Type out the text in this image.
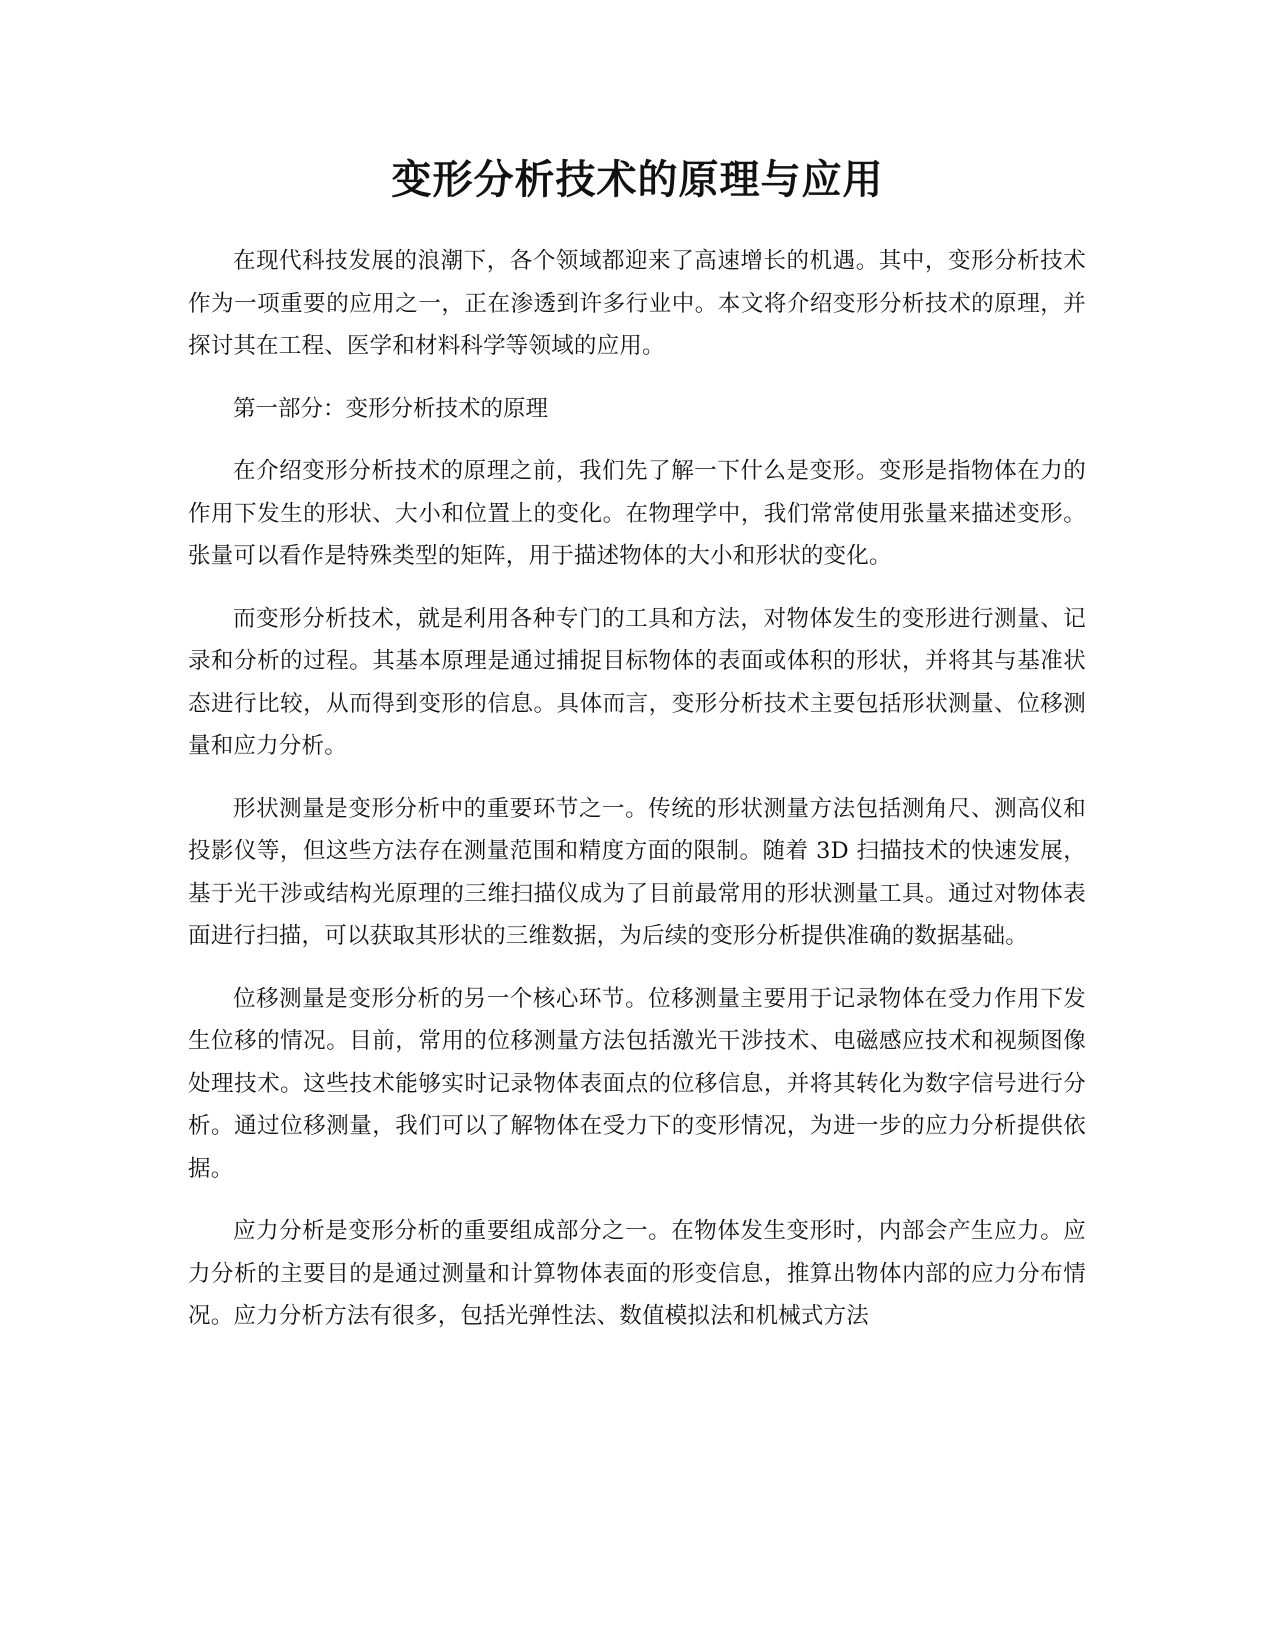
变形分析技术的原理与应用

在现代科技发展的浪潮下，各个领域都迎来了高速增长的机遇。其中，变形分析技术作为一项重要的应用之一，正在渗透到许多行业中。本文将介绍变形分析技术的原理，并探讨其在工程、医学和材料科学等领域的应用。

第一部分：变形分析技术的原理

在介绍变形分析技术的原理之前，我们先了解一下什么是变形。变形是指物体在力的作用下发生的形状、大小和位置上的变化。在物理学中，我们常常使用张量来描述变形。张量可以看作是特殊类型的矩阵，用于描述物体的大小和形状的变化。

而变形分析技术，就是利用各种专门的工具和方法，对物体发生的变形进行测量、记录和分析的过程。其基本原理是通过捕捉目标物体的表面或体积的形状，并将其与基准状态进行比较，从而得到变形的信息。具体而言，变形分析技术主要包括形状测量、位移测量和应力分析。

形状测量是变形分析中的重要环节之一。传统的形状测量方法包括测角尺、测高仪和投影仪等，但这些方法存在测量范围和精度方面的限制。随着 3D 扫描技术的快速发展，基于光干涉或结构光原理的三维扫描仪成为了目前最常用的形状测量工具。通过对物体表面进行扫描，可以获取其形状的三维数据，为后续的变形分析提供准确的数据基础。

位移测量是变形分析的另一个核心环节。位移测量主要用于记录物体在受力作用下发生位移的情况。目前，常用的位移测量方法包括激光干涉技术、电磁感应技术和视频图像处理技术。这些技术能够实时记录物体表面点的位移信息，并将其转化为数字信号进行分析。通过位移测量，我们可以了解物体在受力下的变形情况，为进一步的应力分析提供依据。

应力分析是变形分析的重要组成部分之一。在物体发生变形时，内部会产生应力。应力分析的主要目的是通过测量和计算物体表面的形变信息，推算出物体内部的应力分布情况。应力分析方法有很多，包括光弹性法、数值模拟法和机械式方法
